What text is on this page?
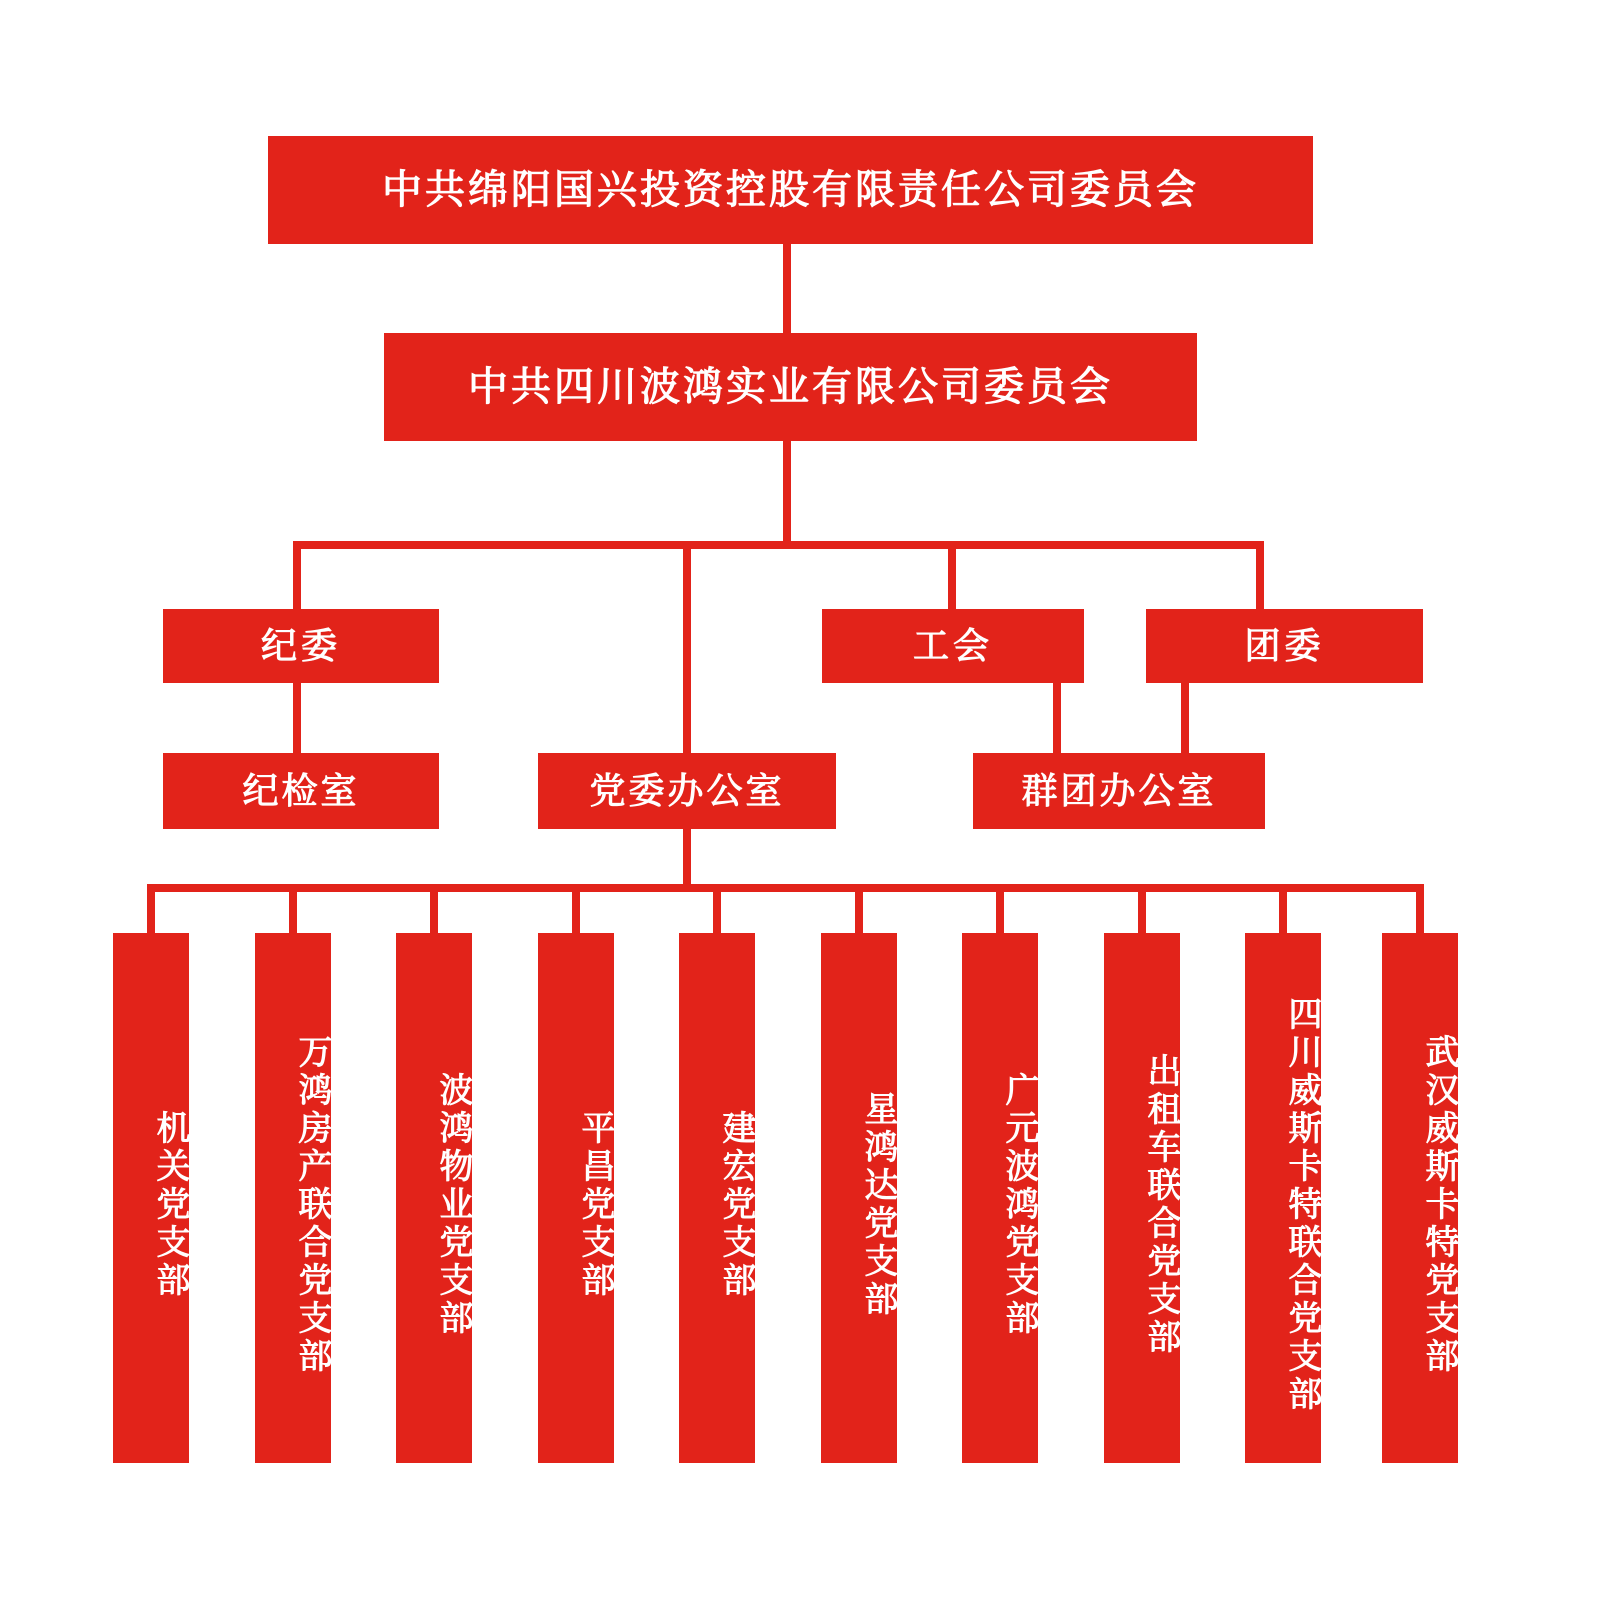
中共绵阳国兴投资控股有限责任公司委员会
中共四川波鸿实业有限公司委员会
纪委	工会	团委
纪检室	党委办公室	群团办公室
机关党支部	万鸿房产联合党支部	波鸿物业党支部	平昌党支部	建宏党支部	星鸿达党支部	广元波鸿党支部	出租车联合党支部	四川威斯卡特联合党支部	武汉威斯卡特党支部
